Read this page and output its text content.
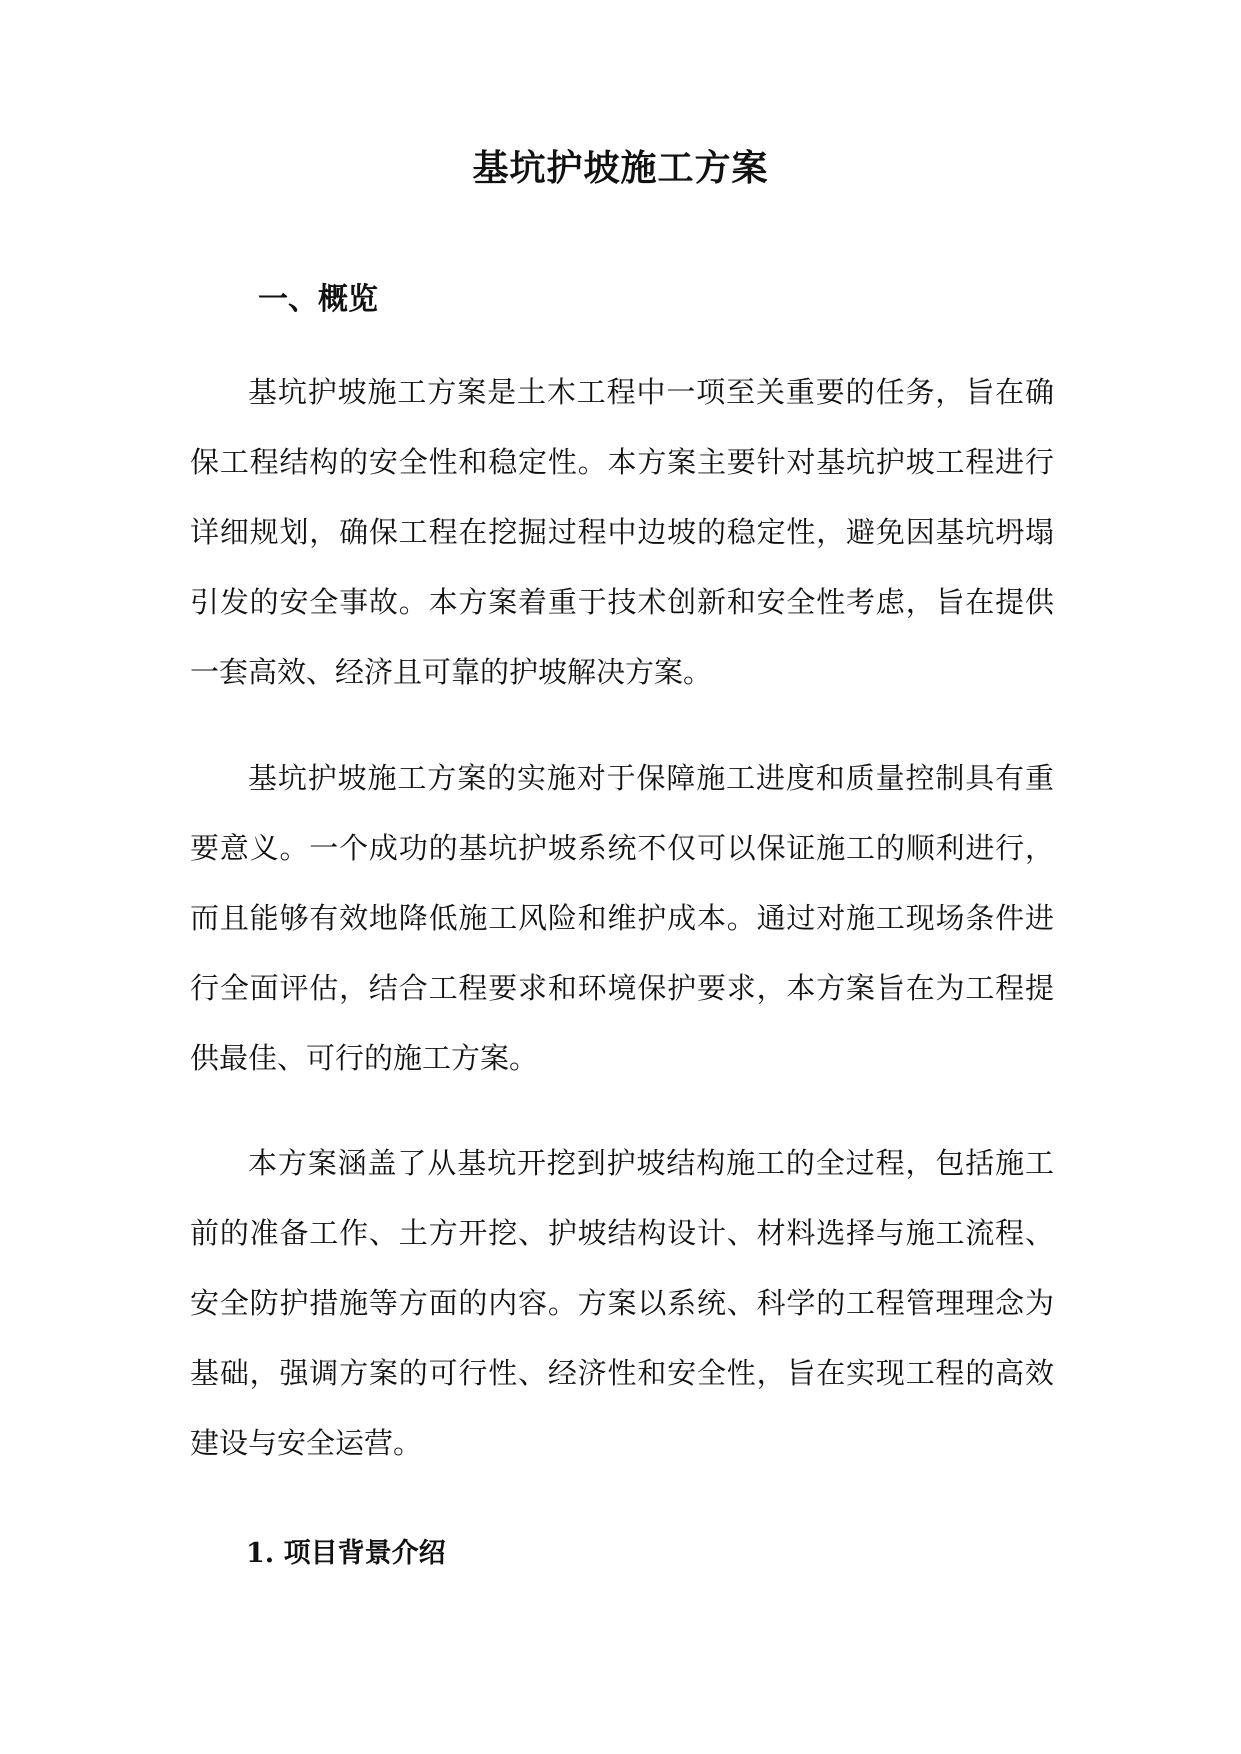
基坑护坡施工方案
一、概览

基坑护坡施工方案是土木工程中一项至关重要的任务，旨在确保工程结构的安全性和稳定性。本方案主要针对基坑护坡工程进行详细规划，确保工程在挖掘过程中边坡的稳定性，避免因基坑坍塌引发的安全事故。本方案着重于技术创新和安全性考虑，旨在提供一套高效、经济且可靠的护坡解决方案。

基坑护坡施工方案的实施对于保障施工进度和质量控制具有重要意义。一个成功的基坑护坡系统不仅可以保证施工的顺利进行，而且能够有效地降低施工风险和维护成本。通过对施工现场条件进行全面评估，结合工程要求和环境保护要求，本方案旨在为工程提供最佳、可行的施工方案。

本方案涵盖了从基坑开挖到护坡结构施工的全过程，包括施工前的准备工作、土方开挖、护坡结构设计、材料选择与施工流程、安全防护措施等方面的内容。方案以系统、科学的工程管理理念为基础，强调方案的可行性、经济性和安全性，旨在实现工程的高效建设与安全运营。

1. 项目背景介绍
